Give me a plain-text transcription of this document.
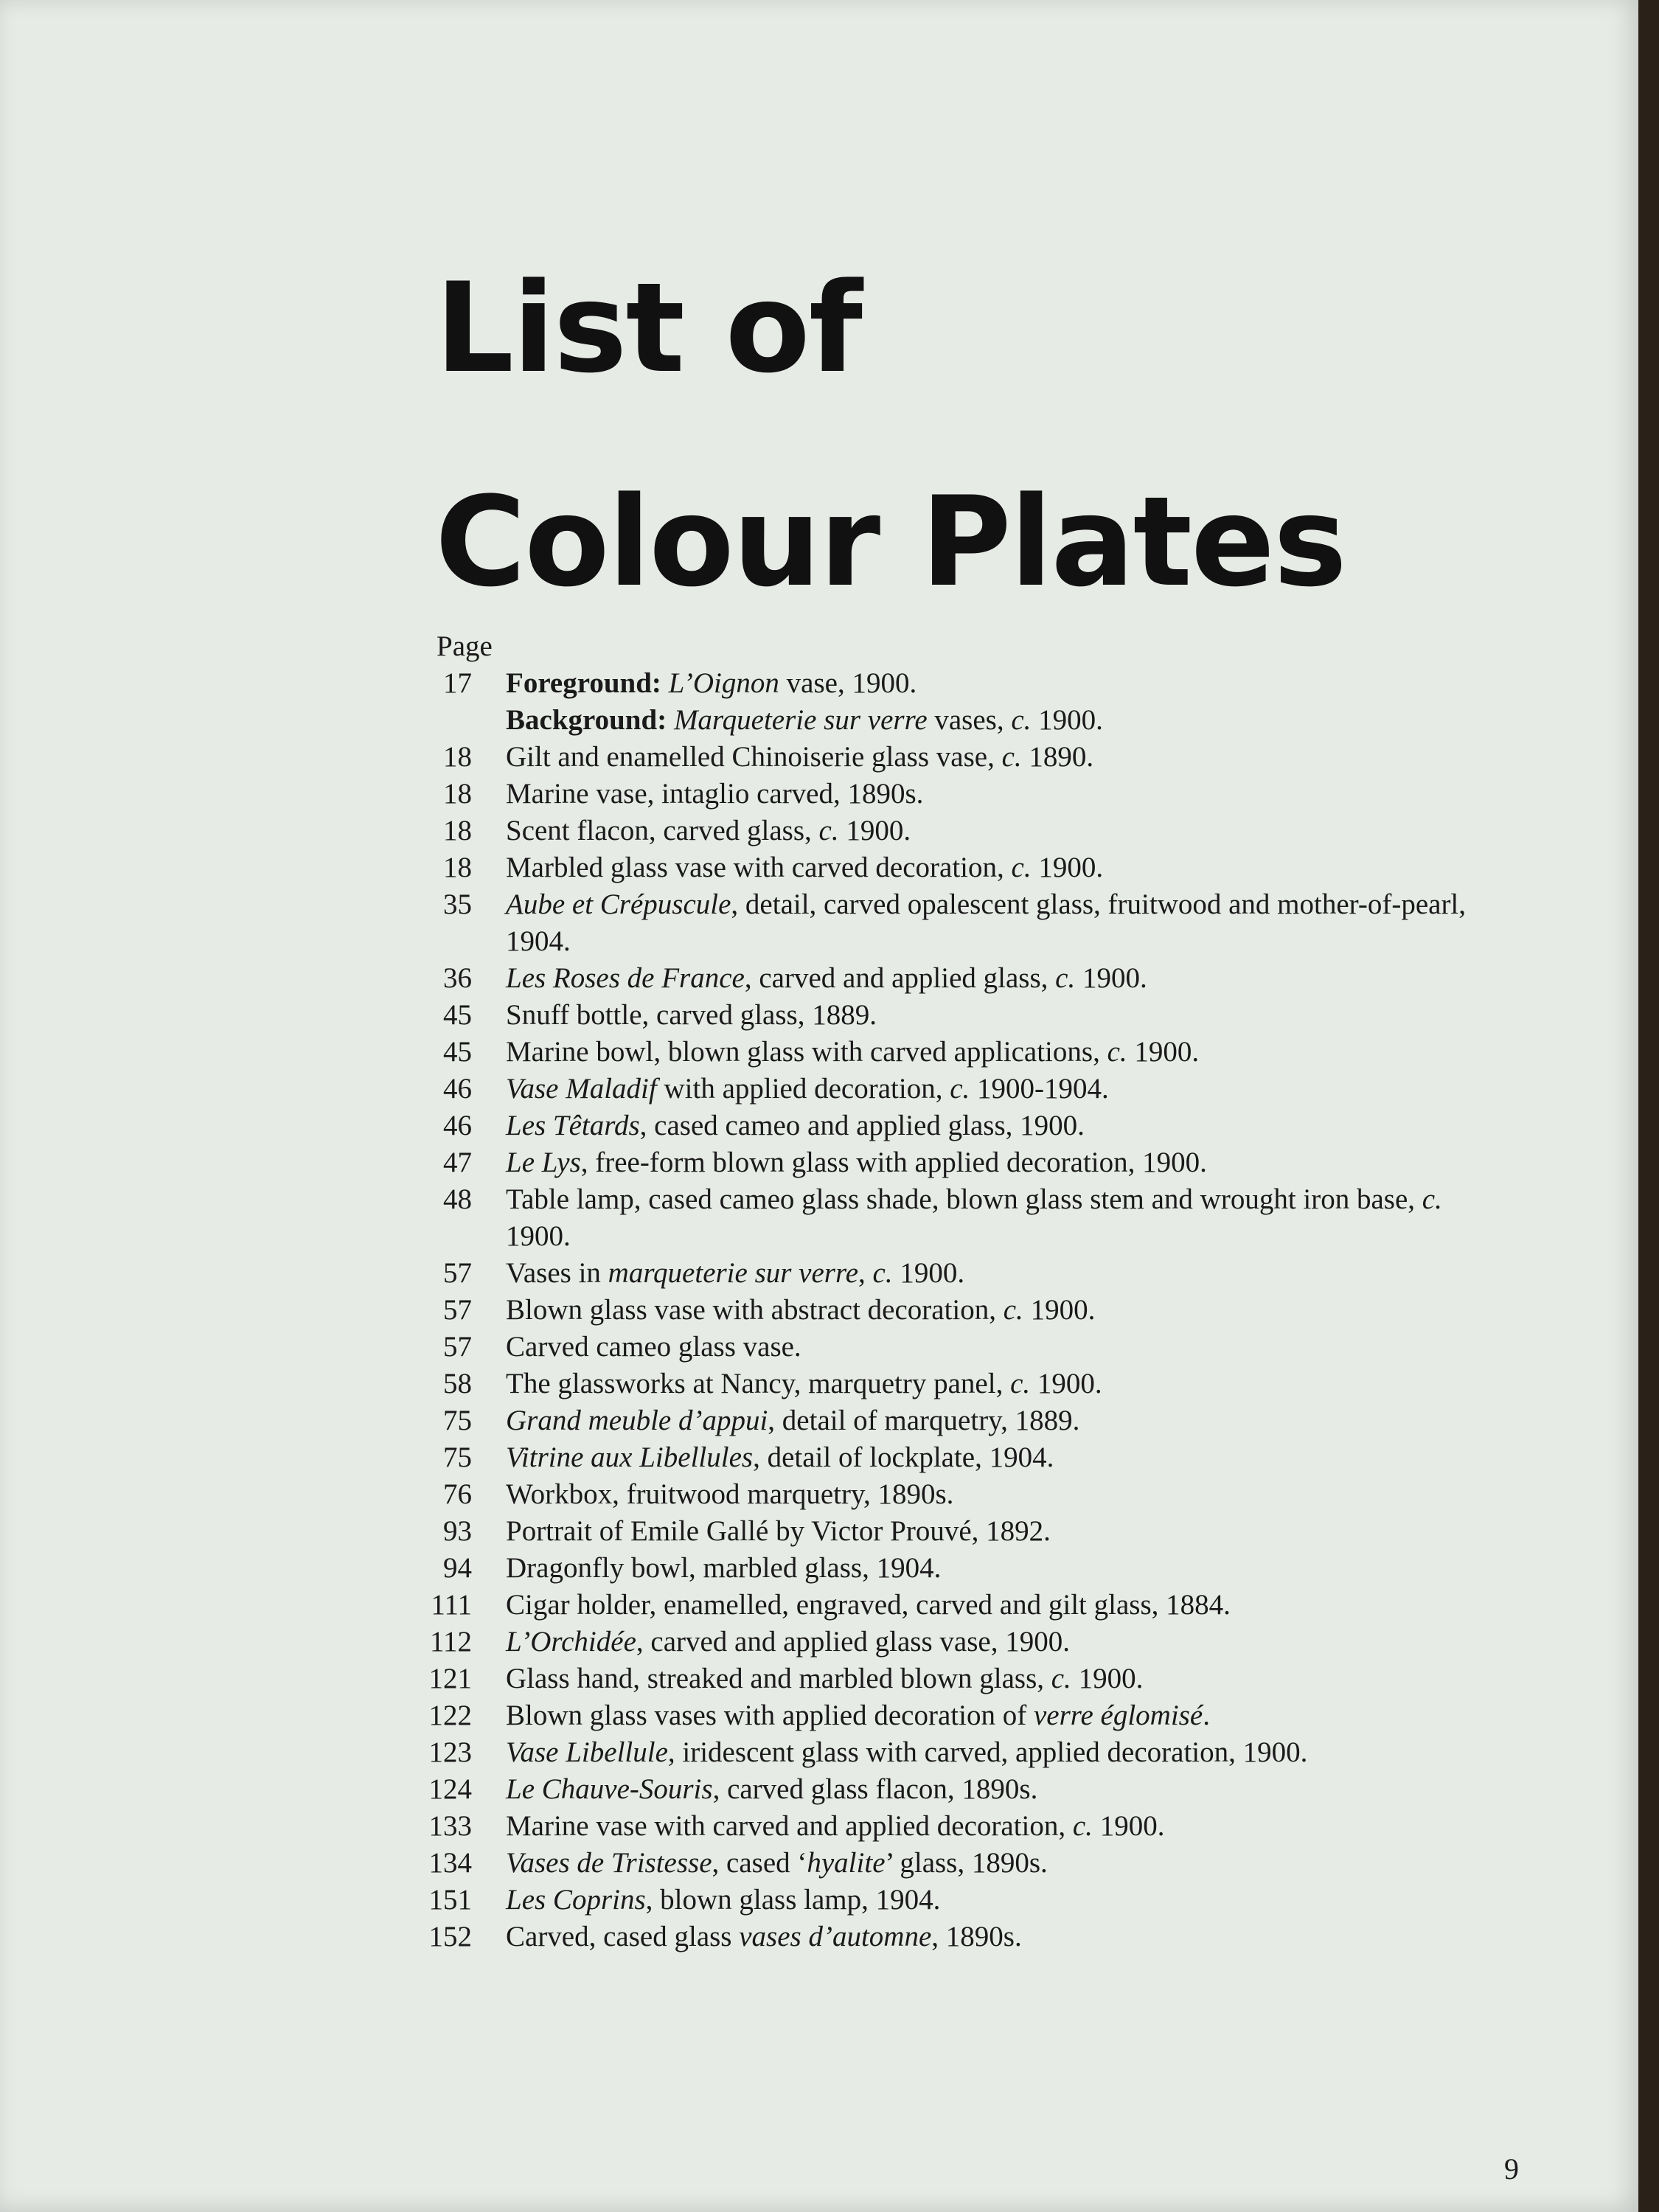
List of
Colour Plates
Page
17	Foreground: L’Oignon vase, 1900.
Background: Marqueterie sur verre vases, c. 1900.
18	Gilt and enamelled Chinoiserie glass vase, c. 1890.
18	Marine vase, intaglio carved, 1890s.
18	Scent flacon, carved glass, c. 1900.
18	Marbled glass vase with carved decoration, c. 1900.
35	Aube et Crépuscule, detail, carved opalescent glass, fruitwood and mother-of-pearl, 1904.
36	Les Roses de France, carved and applied glass, c. 1900.
45	Snuff bottle, carved glass, 1889.
45	Marine bowl, blown glass with carved applications, c. 1900.
46	Vase Maladif with applied decoration, c. 1900-1904.
46	Les Têtards, cased cameo and applied glass, 1900.
47	Le Lys, free-form blown glass with applied decoration, 1900.
48	Table lamp, cased cameo glass shade, blown glass stem and wrought iron base, c. 1900.
57	Vases in marqueterie sur verre, c. 1900.
57	Blown glass vase with abstract decoration, c. 1900.
57	Carved cameo glass vase.
58	The glassworks at Nancy, marquetry panel, c. 1900.
75	Grand meuble d’appui, detail of marquetry, 1889.
75	Vitrine aux Libellules, detail of lockplate, 1904.
76	Workbox, fruitwood marquetry, 1890s.
93	Portrait of Emile Gallé by Victor Prouvé, 1892.
94	Dragonfly bowl, marbled glass, 1904.
111	Cigar holder, enamelled, engraved, carved and gilt glass, 1884.
112	L’Orchidée, carved and applied glass vase, 1900.
121	Glass hand, streaked and marbled blown glass, c. 1900.
122	Blown glass vases with applied decoration of verre églomisé.
123	Vase Libellule, iridescent glass with carved, applied decoration, 1900.
124	Le Chauve-Souris, carved glass flacon, 1890s.
133	Marine vase with carved and applied decoration, c. 1900.
134	Vases de Tristesse, cased ‘hyalite’ glass, 1890s.
151	Les Coprins, blown glass lamp, 1904.
152	Carved, cased glass vases d’automne, 1890s.
9
